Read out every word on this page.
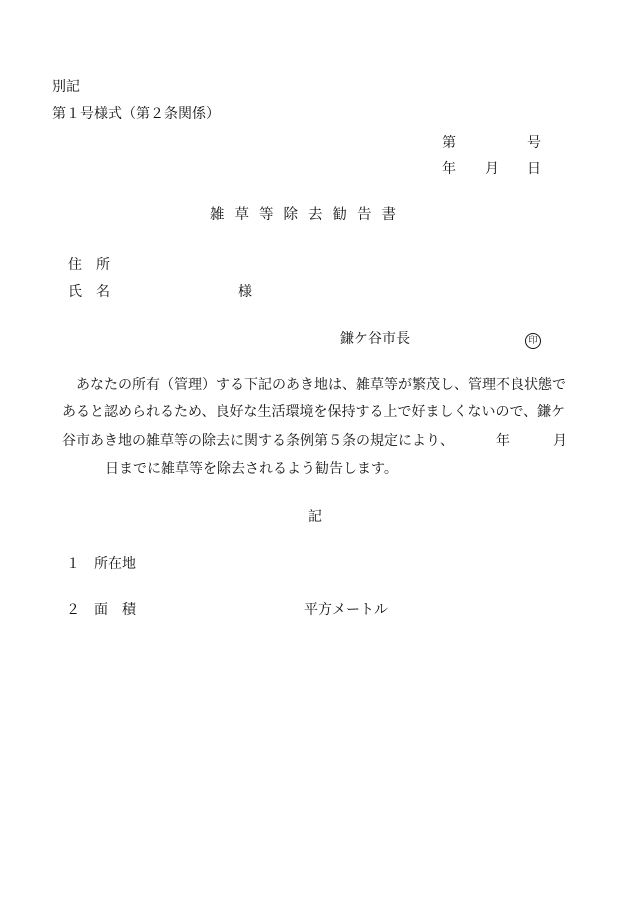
別記
第１号様式（第２条関係）
第	号
年 月 日
雑草等除去勧告書
住　所
氏　名	様
鎌ケ谷市長	印
あなたの所有（管理）する下記のあき地は、雑草等が繁茂し、管理不良状態で
あると認められるため、良好な生活環境を保持する上で好ましくないので、鎌ケ
谷市あき地の雑草等の除去に関する条例第５条の規定により、	年	月
日までに雑草等を除去されるよう勧告します。
記
１　所在地
２　面　積	平方メートル
